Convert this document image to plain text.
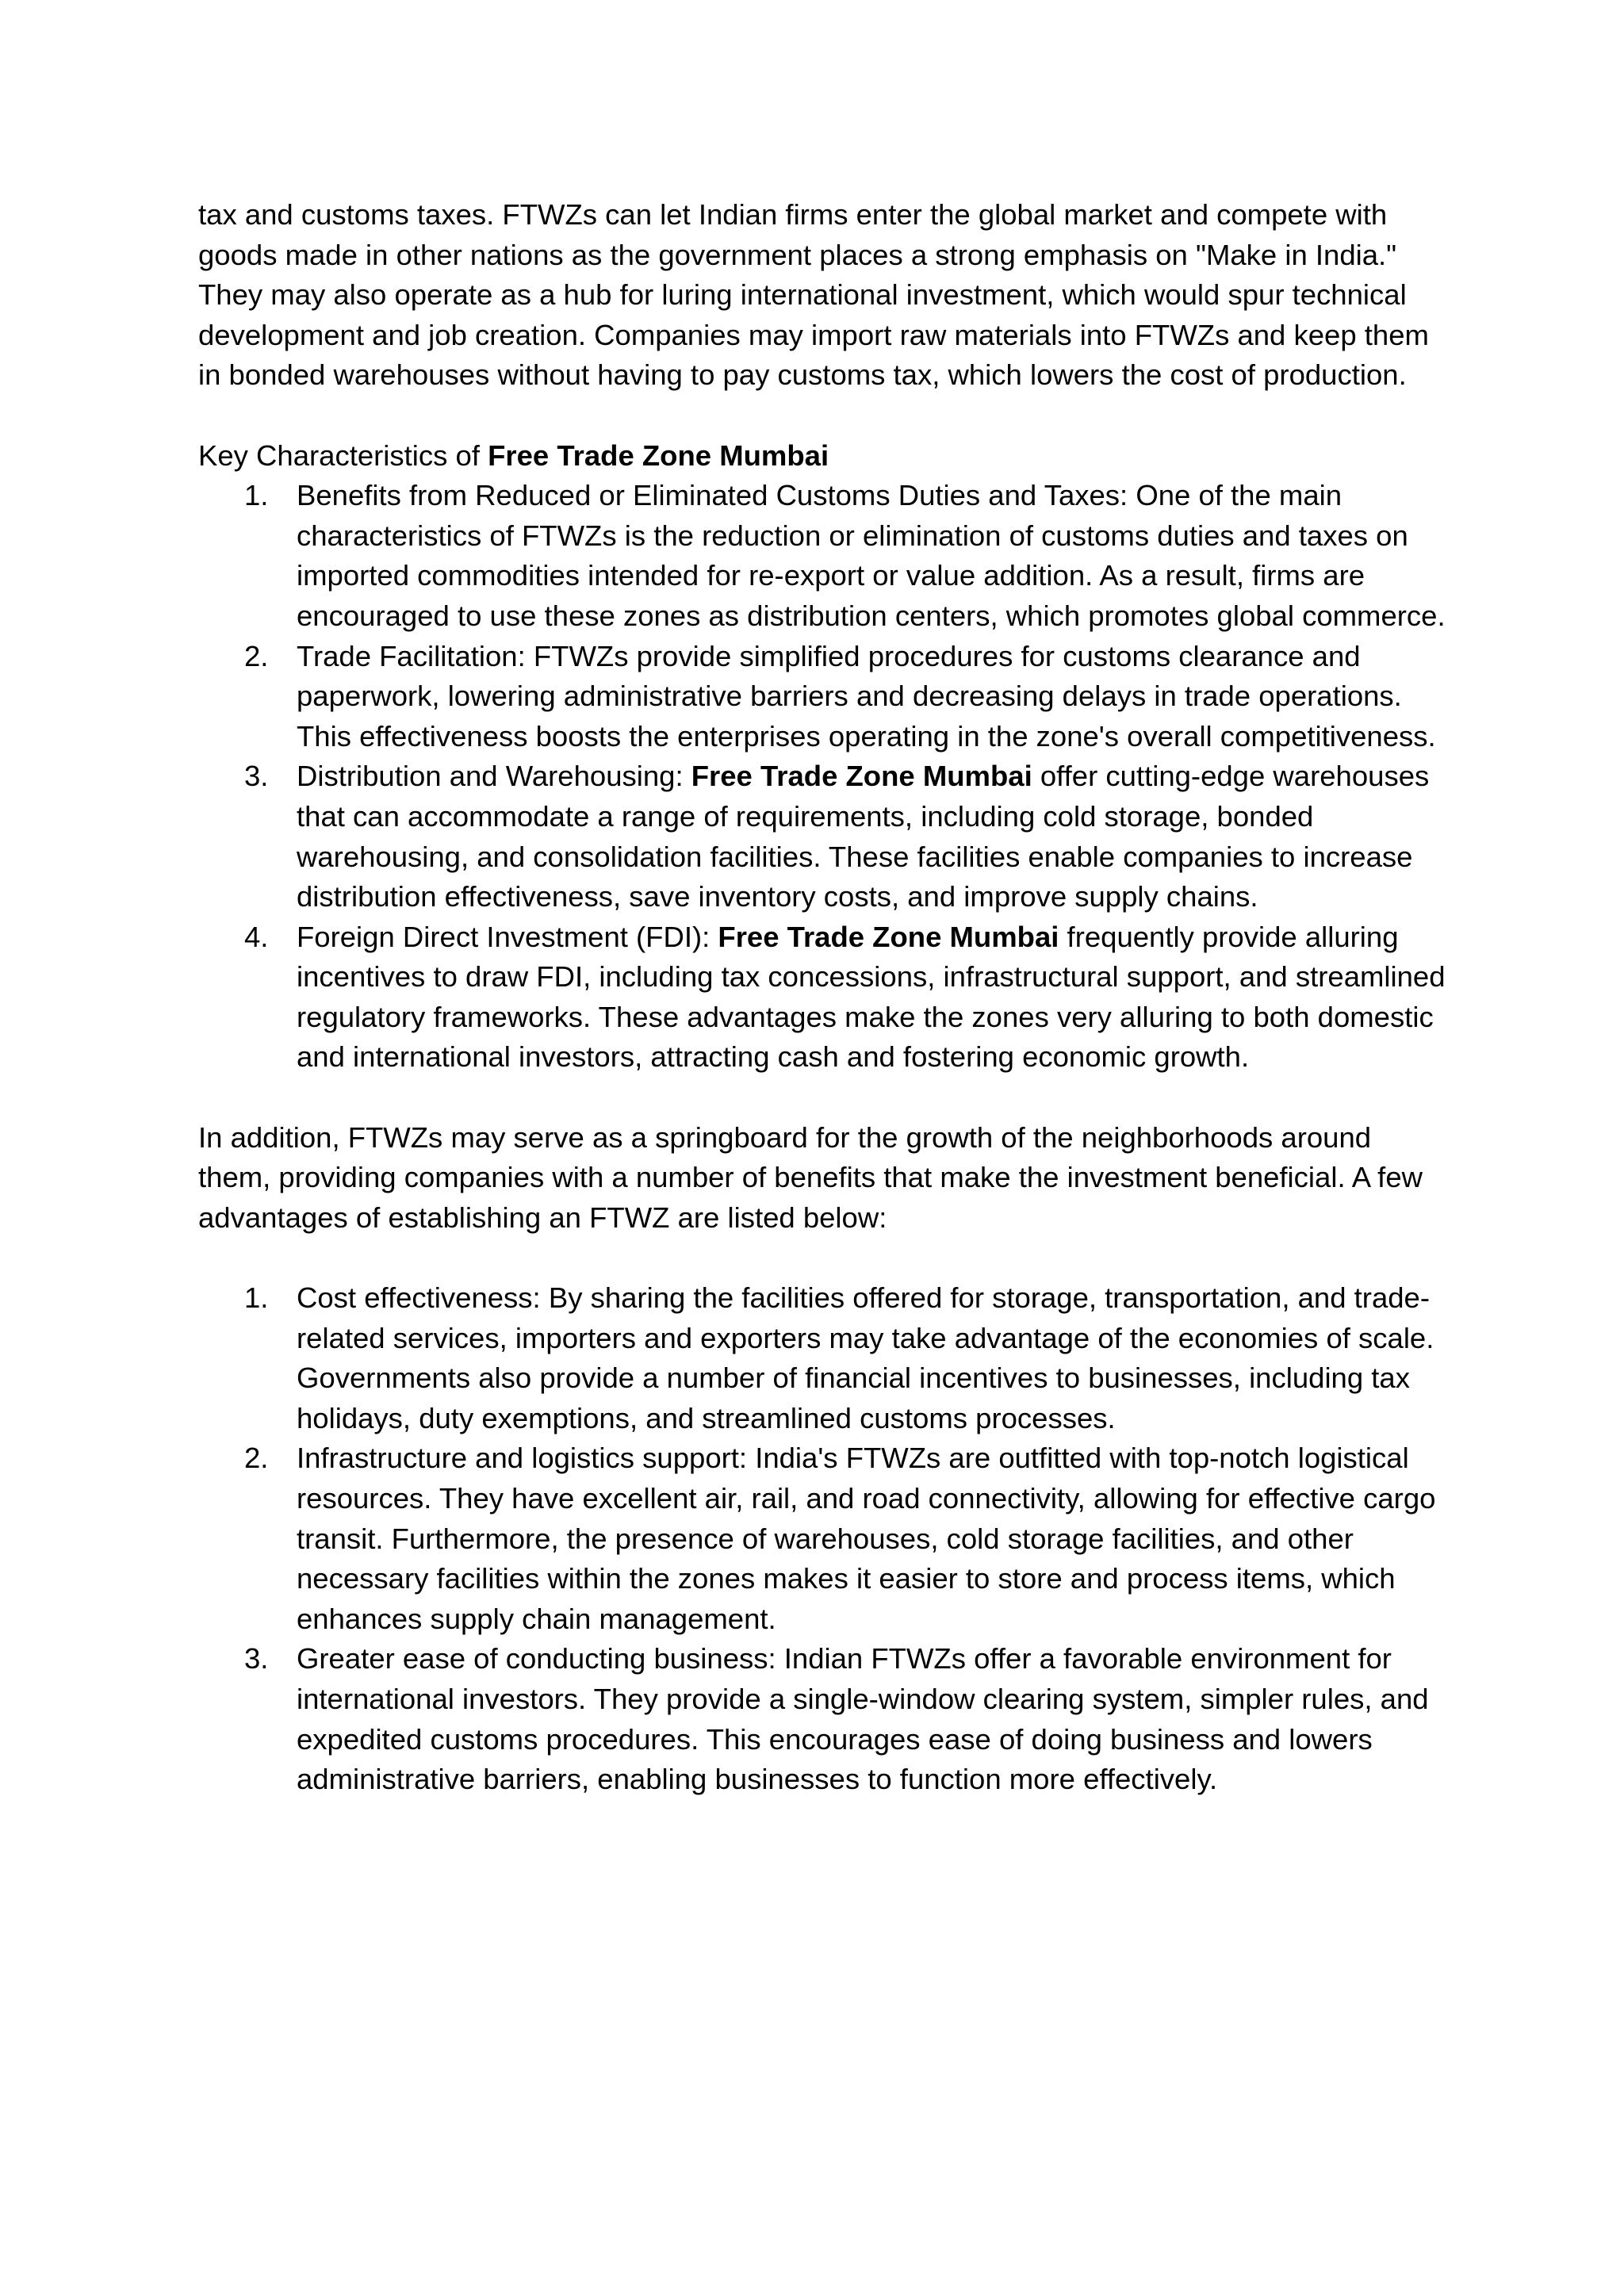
tax and customs taxes. FTWZs can let Indian firms enter the global market and compete with goods made in other nations as the government places a strong emphasis on "Make in India." They may also operate as a hub for luring international investment, which would spur technical development and job creation. Companies may import raw materials into FTWZs and keep them in bonded warehouses without having to pay customs tax, which lowers the cost of production.

Key Characteristics of Free Trade Zone Mumbai

1. Benefits from Reduced or Eliminated Customs Duties and Taxes: One of the main characteristics of FTWZs is the reduction or elimination of customs duties and taxes on imported commodities intended for re-export or value addition. As a result, firms are encouraged to use these zones as distribution centers, which promotes global commerce.
2. Trade Facilitation: FTWZs provide simplified procedures for customs clearance and paperwork, lowering administrative barriers and decreasing delays in trade operations. This effectiveness boosts the enterprises operating in the zone's overall competitiveness.
3. Distribution and Warehousing: Free Trade Zone Mumbai offer cutting-edge warehouses that can accommodate a range of requirements, including cold storage, bonded warehousing, and consolidation facilities. These facilities enable companies to increase distribution effectiveness, save inventory costs, and improve supply chains.
4. Foreign Direct Investment (FDI): Free Trade Zone Mumbai frequently provide alluring incentives to draw FDI, including tax concessions, infrastructural support, and streamlined regulatory frameworks. These advantages make the zones very alluring to both domestic and international investors, attracting cash and fostering economic growth.

In addition, FTWZs may serve as a springboard for the growth of the neighborhoods around them, providing companies with a number of benefits that make the investment beneficial. A few advantages of establishing an FTWZ are listed below:

1. Cost effectiveness: By sharing the facilities offered for storage, transportation, and trade-related services, importers and exporters may take advantage of the economies of scale. Governments also provide a number of financial incentives to businesses, including tax holidays, duty exemptions, and streamlined customs processes.
2. Infrastructure and logistics support: India's FTWZs are outfitted with top-notch logistical resources. They have excellent air, rail, and road connectivity, allowing for effective cargo transit. Furthermore, the presence of warehouses, cold storage facilities, and other necessary facilities within the zones makes it easier to store and process items, which enhances supply chain management.
3. Greater ease of conducting business: Indian FTWZs offer a favorable environment for international investors. They provide a single-window clearing system, simpler rules, and expedited customs procedures. This encourages ease of doing business and lowers administrative barriers, enabling businesses to function more effectively.
